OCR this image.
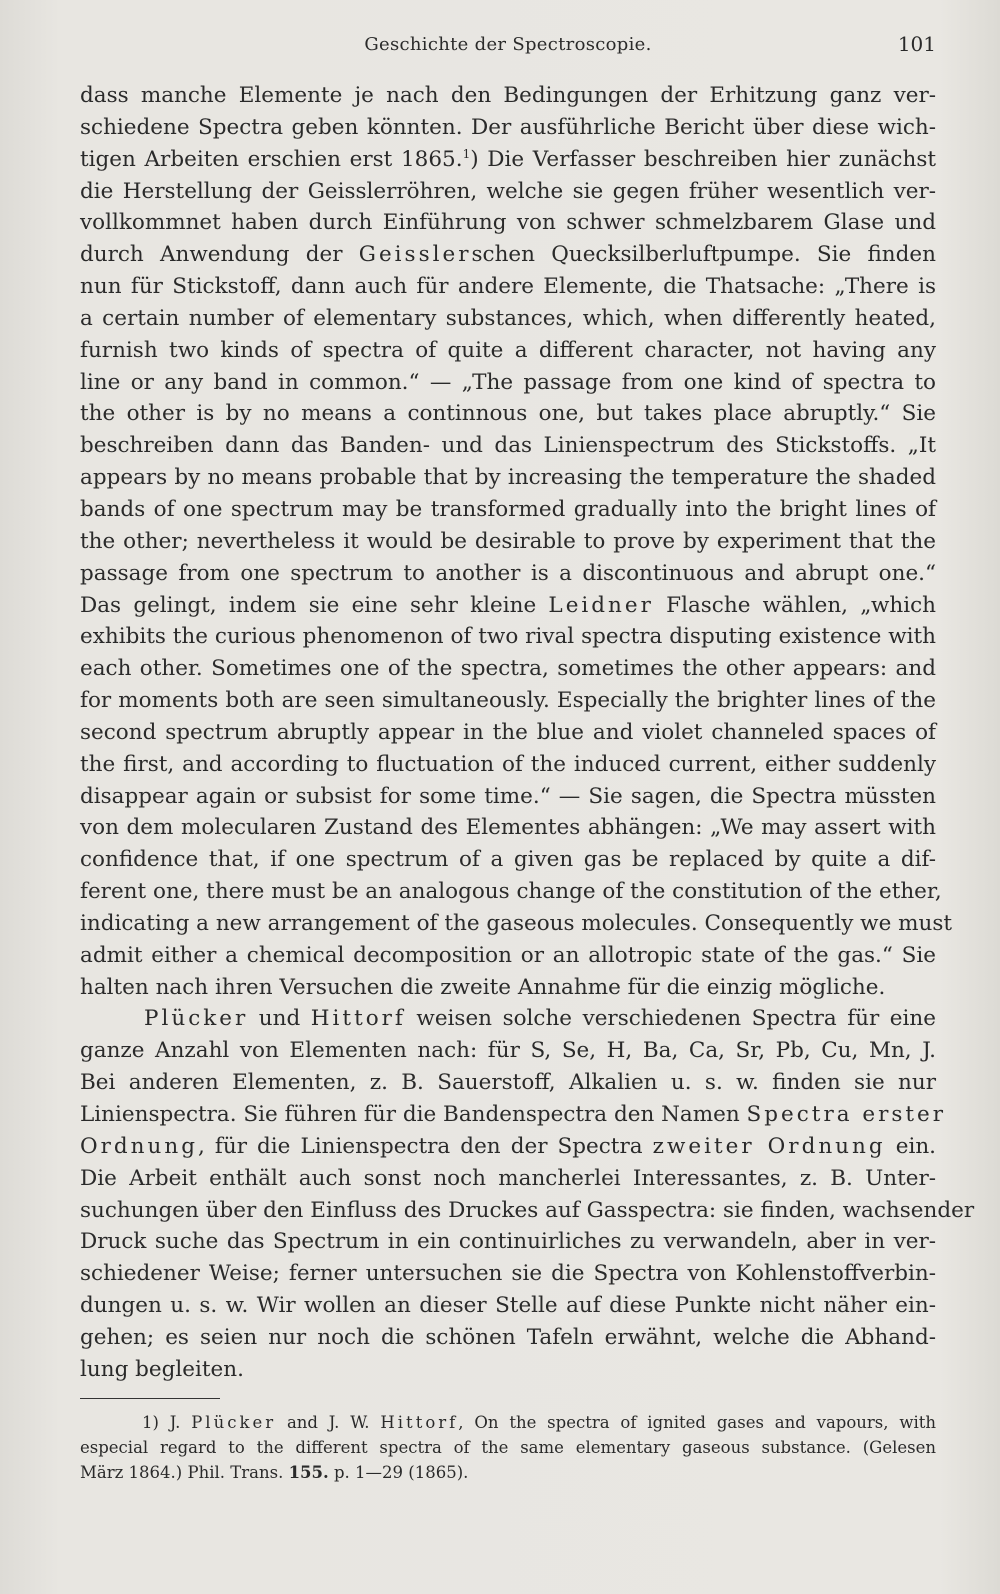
Geschichte der Spectroscopie.	101
dass manche Elemente je nach den Bedingungen der Erhitzung ganz ver-
schiedene Spectra geben könnten. Der ausführliche Bericht über diese wich-
tigen Arbeiten erschien erst 1865.$^1$) Die Verfasser beschreiben hier zunächst
die Herstellung der Geisslerröhren, welche sie gegen früher wesentlich ver-
vollkommnet haben durch Einführung von schwer schmelzbarem Glase und
durch Anwendung der Geisslerschen Quecksilberluftpumpe. Sie finden
nun für Stickstoff, dann auch für andere Elemente, die Thatsache: „There is
a certain number of elementary substances, which, when differently heated,
furnish two kinds of spectra of quite a different character, not having any
line or any band in common.“ — „The passage from one kind of spectra to
the other is by no means a continnous one, but takes place abruptly.“ Sie
beschreiben dann das Banden- und das Linienspectrum des Stickstoffs. „It
appears by no means probable that by increasing the temperature the shaded
bands of one spectrum may be transformed gradually into the bright lines of
the other; nevertheless it would be desirable to prove by experiment that the
passage from one spectrum to another is a discontinuous and abrupt one.“
Das gelingt, indem sie eine sehr kleine Leidner Flasche wählen, „which
exhibits the curious phenomenon of two rival spectra disputing existence with
each other. Sometimes one of the spectra, sometimes the other appears: and
for moments both are seen simultaneously. Especially the brighter lines of the
second spectrum abruptly appear in the blue and violet channeled spaces of
the first, and according to fluctuation of the induced current, either suddenly
disappear again or subsist for some time.“ — Sie sagen, die Spectra müssten
von dem molecularen Zustand des Elementes abhängen: „We may assert with
confidence that, if one spectrum of a given gas be replaced by quite a dif-
ferent one, there must be an analogous change of the constitution of the ether,
indicating a new arrangement of the gaseous molecules. Consequently we must
admit either a chemical decomposition or an allotropic state of the gas.“ Sie
halten nach ihren Versuchen die zweite Annahme für die einzig mögliche.
Plücker und Hittorf weisen solche verschiedenen Spectra für eine
ganze Anzahl von Elementen nach: für S, Se, H, Ba, Ca, Sr, Pb, Cu, Mn, J.
Bei anderen Elementen, z. B. Sauerstoff, Alkalien u. s. w. finden sie nur
Linienspectra. Sie führen für die Bandenspectra den Namen Spectra erster
Ordnung, für die Linienspectra den der Spectra zweiter Ordnung ein.
Die Arbeit enthält auch sonst noch mancherlei Interessantes, z. B. Unter-
suchungen über den Einfluss des Druckes auf Gasspectra: sie finden, wachsender
Druck suche das Spectrum in ein continuirliches zu verwandeln, aber in ver-
schiedener Weise; ferner untersuchen sie die Spectra von Kohlenstoffverbin-
dungen u. s. w. Wir wollen an dieser Stelle auf diese Punkte nicht näher ein-
gehen; es seien nur noch die schönen Tafeln erwähnt, welche die Abhand-
lung begleiten.
1) J. Plücker and J. W. Hittorf, On the spectra of ignited gases and vapours, with
especial regard to the different spectra of the same elementary gaseous substance. (Gelesen
März 1864.) Phil. Trans. 155. p. 1—29 (1865).
